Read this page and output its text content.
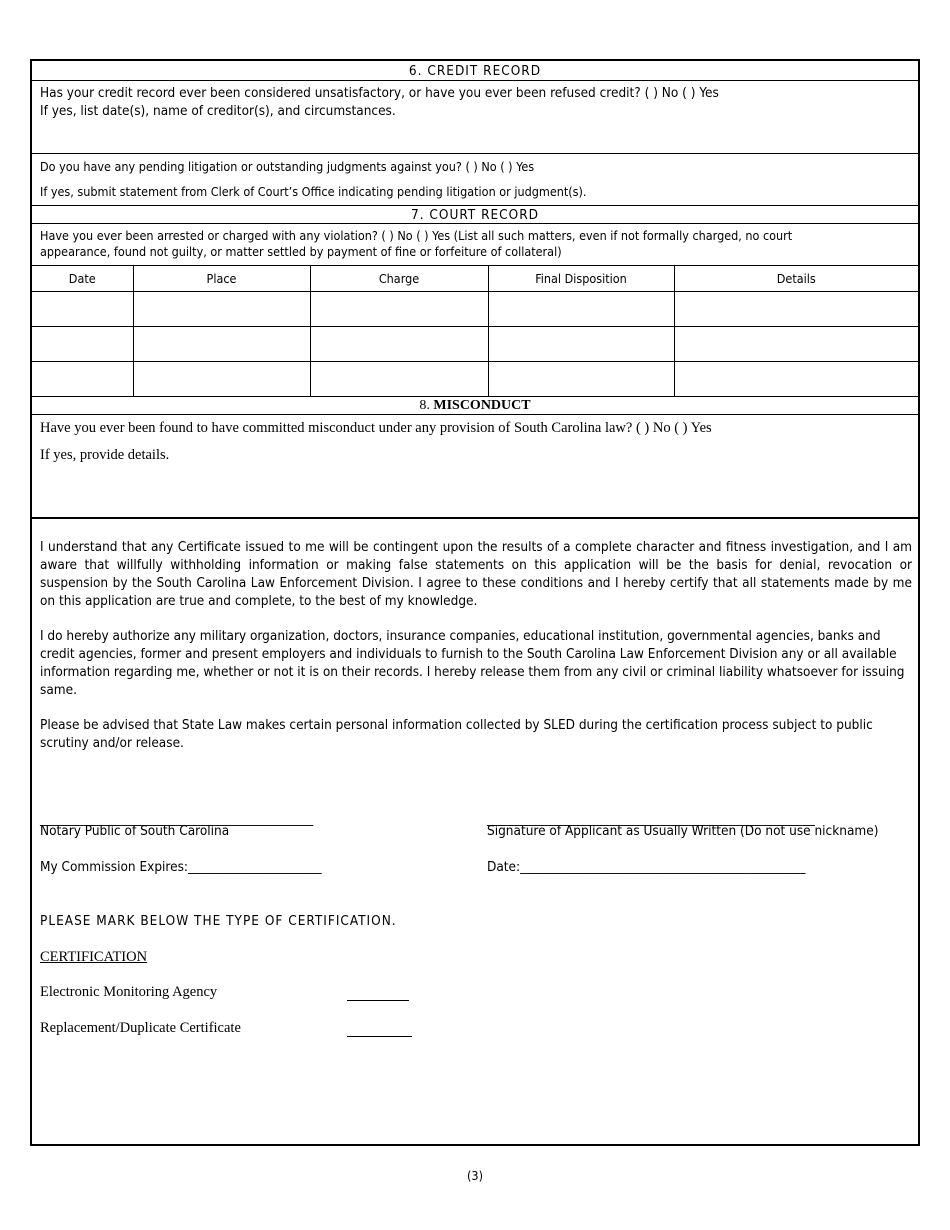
6. CREDIT RECORD
Has your credit record ever been considered unsatisfactory, or have you ever been refused credit? ( ) No ( ) Yes
If yes, list date(s), name of creditor(s), and circumstances.
Do you have any pending litigation or outstanding judgments against you? ( ) No ( ) Yes
If yes, submit statement from Clerk of Court’s Office indicating pending litigation or judgment(s).
7. COURT RECORD
Have you ever been arrested or charged with any violation? ( ) No ( ) Yes (List all such matters, even if not formally charged, no court
appearance, found not guilty, or matter settled by payment of fine or forfeiture of collateral)
Date	Place	Charge	Final Disposition	Details

8. MISCONDUCT
Have you ever been found to have committed misconduct under any provision of South Carolina law? ( ) No ( ) Yes
If yes, provide details.
I understand that any Certificate issued to me will be contingent upon the results of a complete character and fitness investigation, and I am aware that willfully withholding information or making false statements on this application will be the basis for denial, revocation or suspension by the South Carolina Law Enforcement Division. I agree to these conditions and I hereby certify that all statements made by me on this application are true and complete, to the best of my knowledge.
I do hereby authorize any military organization, doctors, insurance companies, educational institution, governmental agencies, banks and credit agencies, former and present employers and individuals to furnish to the South Carolina Law Enforcement Division any or all available information regarding me, whether or not it is on their records. I hereby release them from any civil or criminal liability whatsoever for issuing same.
Please be advised that State Law makes certain personal information collected by SLED during the certification process subject to public scrutiny and/or release.
_____________________________________________
Notary Public of South Carolina
My Commission Expires:______________________
______________________________________________________
Signature of Applicant as Usually Written (Do not use nickname)
Date:_______________________________________________
PLEASE MARK BELOW THE TYPE OF CERTIFICATION.
CERTIFICATION
Electronic Monitoring Agency
Replacement/Duplicate Certificate
(3)
